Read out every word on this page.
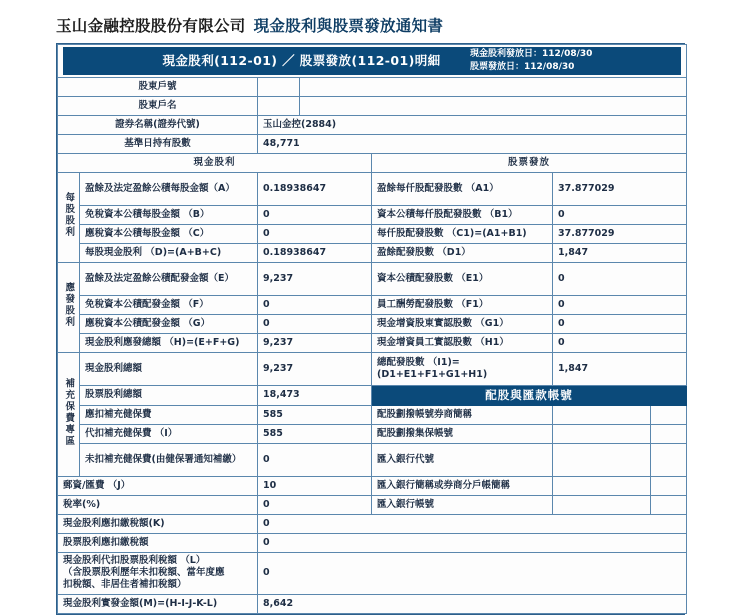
玉山金融控股股份有限公司 現金股利與股票發放通知書
現金股利(112-01) ／ 股票發放(112-01)明細 現金股利發放日：112/08/30
股票發放日：112/08/30						

股東戶號						
股東戶名						
證券名稱(證券代號)		玉山金控(2884)				
基準日持有股數		48,771				
現金股利				股票發放		
每股股利	盈餘及法定盈餘公積每股金額（A）	0.18938647		盈餘每仟股配發股數 （A1）	37.877029	
	免稅資本公積每股金額 （B）	0		資本公積每仟股配發股數 （B1）	0	
	應稅資本公積每股金額 （C）	0		每仟股配發股數 （C1)=(A1+B1)	37.877029	
	每股現金股利 （D)=(A+B+C)	0.18938647		盈餘配發股數 （D1）	1,847	
應發股利	盈餘及法定盈餘公積配發金額（E）	9,237		資本公積配發股數 （E1）	0	
	免稅資本公積配發金額 （F）	0		員工酬勞配發股數 （F1）	0	
	應稅資本公積配發金額 （G）	0		現金增資股東實認股數 （G1）	0	
	現金股利應發總額 （H)=(E+F+G)	9,237		現金增資員工實認股數 （H1）	0	
補充保費專區	現金股利總額	9,237		總配發股數 （I1)=
(D1+E1+F1+G1+H1)	1,847	
	股票股利總額	18,473		配股與匯款帳號		
	應扣補充健保費	585		配股劃撥帳號券商簡稱		
	代扣補充健保費 （I）	585		配股劃撥集保帳號		
	未扣補充健保費(由健保署通知補繳）	0		匯入銀行代號		
郵資/匯費 （J）		10		匯入銀行簡稱或券商分戶帳簡稱		
稅率(%)		0		匯入銀行帳號		
現金股利應扣繳稅額(K)		0				
股票股利應扣繳稅額		0				

現金股利代扣股票股利稅額 （L）
（含股票股利歷年未扣稅額、當年度應
扣稅額、非居住者補扣稅額）		0				
現金股利實發金額(M)=(H-I-J-K-L)		8,642				
